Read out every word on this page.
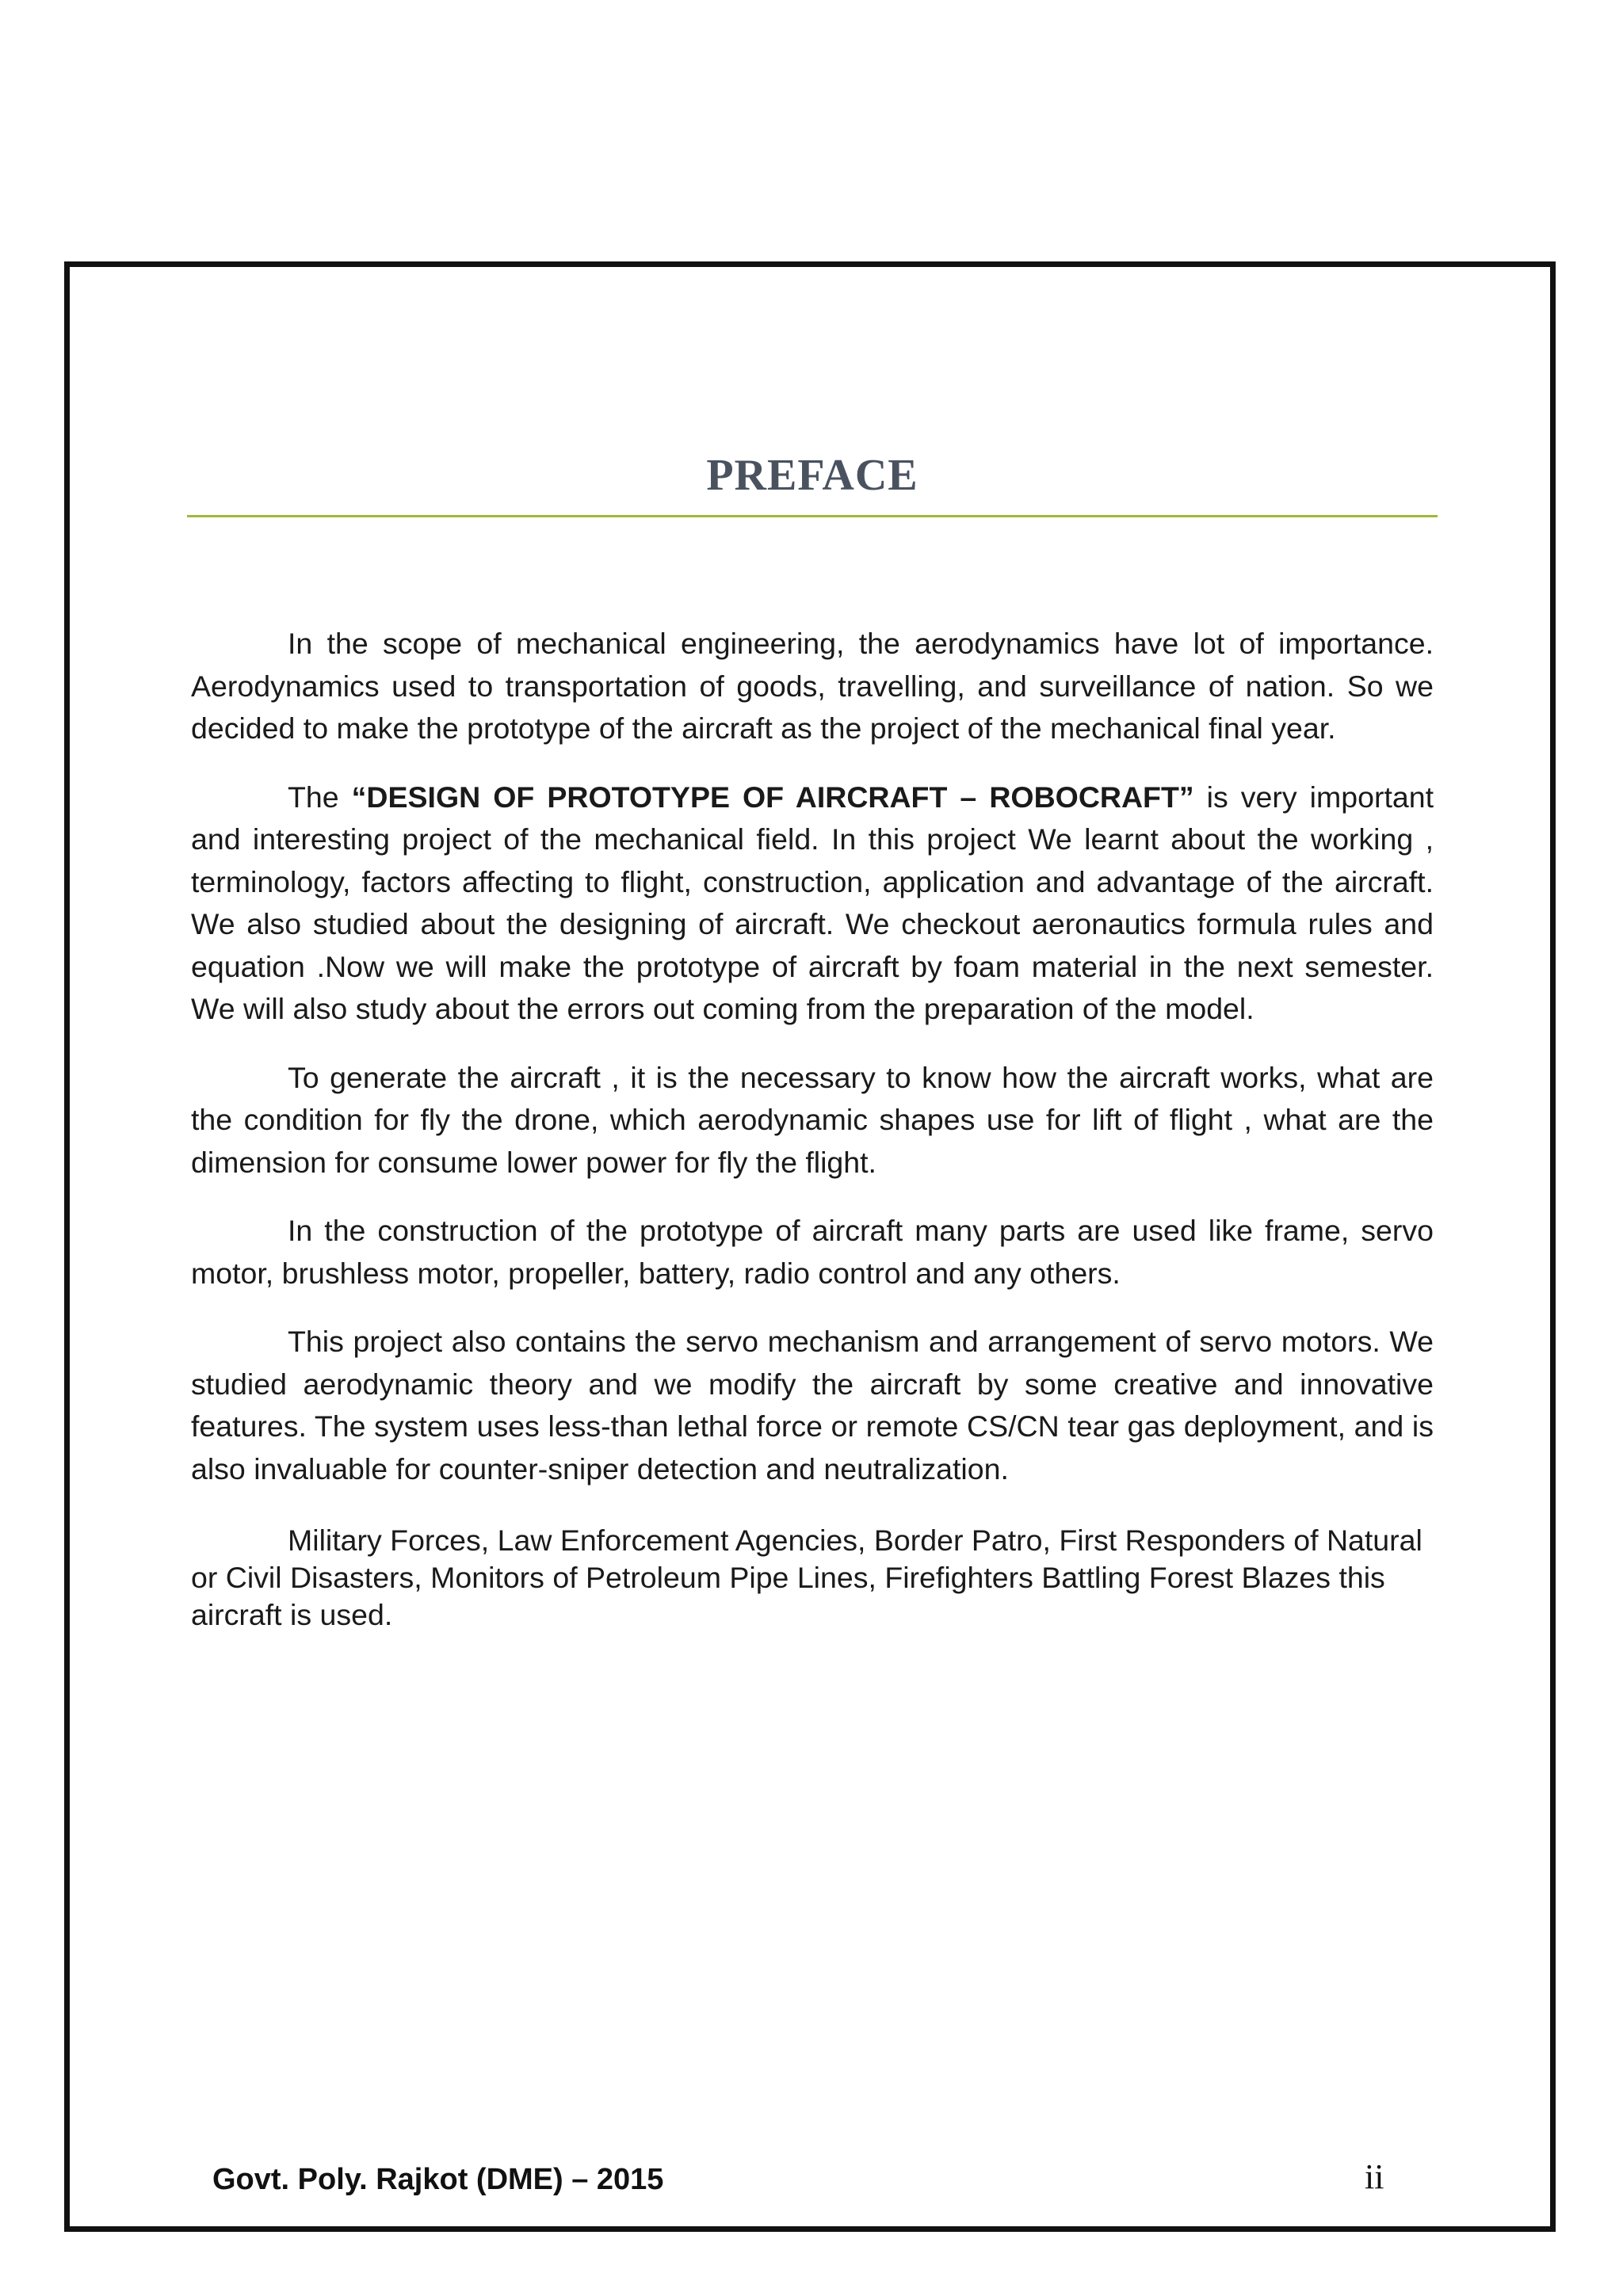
PREFACE

In the scope of mechanical engineering, the aerodynamics have lot of importance. Aerodynamics used to transportation of goods, travelling, and surveillance of nation. So we decided to make the prototype of the aircraft as the project of the mechanical final year.

The “DESIGN OF PROTOTYPE OF AIRCRAFT – ROBOCRAFT” is very important and interesting project of the mechanical field. In this project We learnt about the working , terminology, factors affecting to flight, construction, application and advantage of the aircraft. We also studied about the designing of aircraft. We checkout aeronautics formula rules and equation .Now we will make the prototype of aircraft by foam material in the next semester. We will also study about the errors out coming from the preparation of the model.

To generate the aircraft , it is the necessary to know how the aircraft works, what are the condition for fly the drone, which aerodynamic shapes use for lift of flight , what are the dimension for consume lower power for fly the flight.

In the construction of the prototype of aircraft many parts are used like frame, servo motor, brushless motor, propeller, battery, radio control and any others.

This project also contains the servo mechanism and arrangement of servo motors. We studied aerodynamic theory and we modify the aircraft by some creative and innovative features. The system uses less-than lethal force or remote CS/CN tear gas deployment, and is also invaluable for counter-sniper detection and neutralization.

Military Forces, Law Enforcement Agencies, Border Patro, First Responders of Natural or Civil Disasters, Monitors of Petroleum Pipe Lines, Firefighters Battling Forest Blazes this aircraft is used.

Govt. Poly. Rajkot (DME) – 2015	ii
